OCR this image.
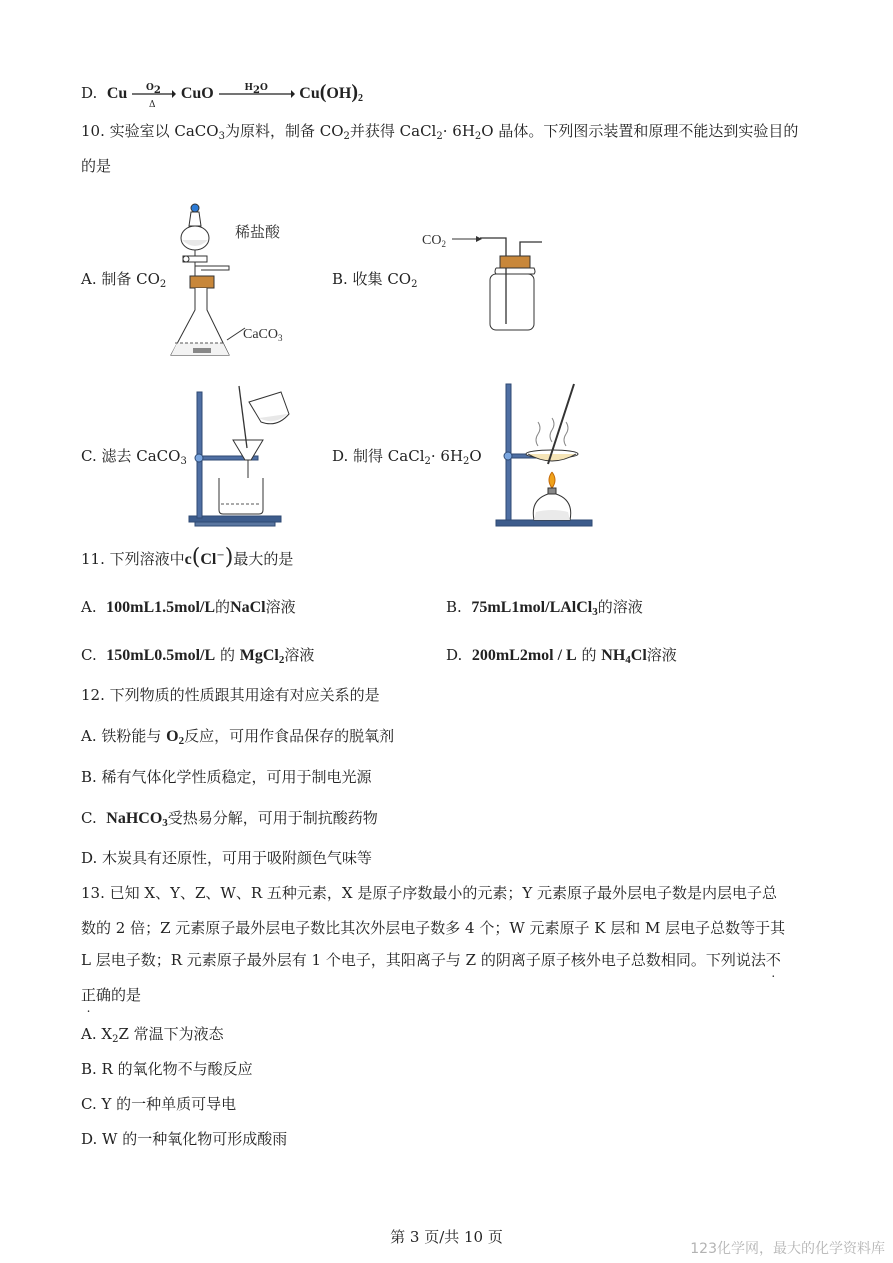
D. Cu $O_2$
Δ
CuO	$H_2O$ $Cu(OH)_2$
10. 实验室以 CaCO$_3$为原料，制备 $CO_2$并获得 CaCl$_2$· $6H_2O$ 晶体。下列图示装置和原理不能达到实验目的
的是
A. 制备 $CO_2$	B. 收集 $CO_2$
C. 滤去 CaCO$_3$	D. 制得 CaCl$_2$· $6H_2O$
稀盐酸
CaCO$_3$
$CO_2$
11. 下列溶液中c(Cl−)最大的是
A. 100mL1.5mol/L的NaCl溶液	B. 75mL1mol/LAlCl$_3$的溶液
C. 150mL0.5mol/L 的 MgCl$_2$溶液	D. 200mL2mol / L 的 $NH_4Cl$溶液
12. 下列物质的性质跟其用途有对应关系的是
A. 铁粉能与 $O_2$反应，可用作食品保存的脱氧剂
B. 稀有气体化学性质稳定，可用于制电光源
C. NaHCO$_3$受热易分解，可用于制抗酸药物
D. 木炭具有还原性，可用于吸附颜色气味等
13. 已知 X、Y、Z、W、R 五种元素，X 是原子序数最小的元素；Y 元素原子最外层电子数是内层电子总
数的 2 倍；Z 元素原子最外层电子数比其次外层电子数多 4 个；W 元素原子 K 层和 M 层电子总数等于其
L 层电子数；R 元素原子最外层有 1 个电子，其阳离子与 Z 的阴离子原子核外电子总数相同。下列说法不
正确的是
A. $X_2Z$ 常温下为液态
B. R 的氧化物不与酸反应
C. Y 的一种单质可导电
D. W 的一种氧化物可形成酸雨
第 3 页/共 10 页
123化学网，最大的化学资料库
